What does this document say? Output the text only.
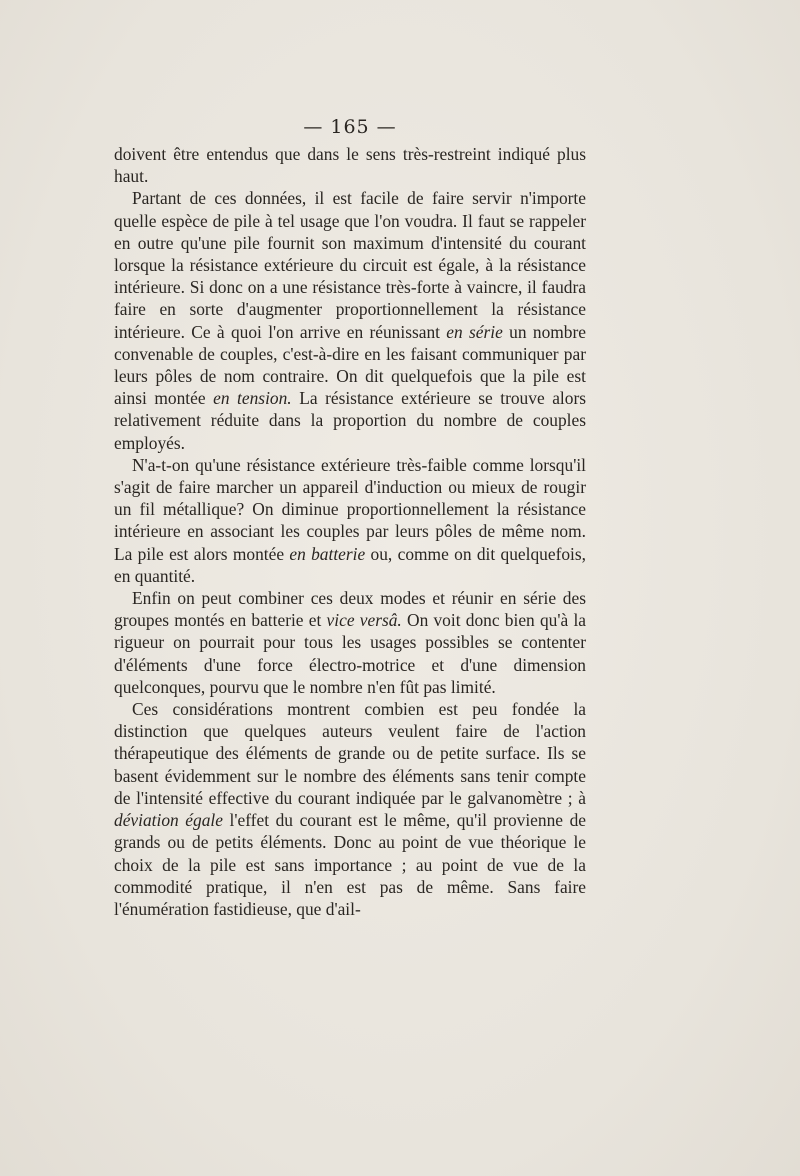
— 165 —

doivent être entendus que dans le sens très-restreint indiqué plus haut.

Partant de ces données, il est facile de faire servir n'importe quelle espèce de pile à tel usage que l'on voudra. Il faut se rappeler en outre qu'une pile fournit son maximum d'intensité du courant lorsque la résistance extérieure du circuit est égale, à la résistance intérieure. Si donc on a une résistance très-forte à vaincre, il faudra faire en sorte d'augmenter proportionnellement la résistance intérieure. Ce à quoi l'on arrive en réunissant en série un nombre convenable de couples, c'est-à-dire en les faisant communiquer par leurs pôles de nom contraire. On dit quelquefois que la pile est ainsi montée en tension. La résistance extérieure se trouve alors relativement réduite dans la proportion du nombre de couples employés.

N'a-t-on qu'une résistance extérieure très-faible comme lorsqu'il s'agit de faire marcher un appareil d'induction ou mieux de rougir un fil métallique? On diminue proportionnellement la résistance intérieure en associant les couples par leurs pôles de même nom. La pile est alors montée en batterie ou, comme on dit quelquefois, en quantité.

Enfin on peut combiner ces deux modes et réunir en série des groupes montés en batterie et vice versâ. On voit donc bien qu'à la rigueur on pourrait pour tous les usages possibles se contenter d'éléments d'une force électro-motrice et d'une dimension quelconques, pourvu que le nombre n'en fût pas limité.

Ces considérations montrent combien est peu fondée la distinction que quelques auteurs veulent faire de l'action thérapeutique des éléments de grande ou de petite surface. Ils se basent évidemment sur le nombre des éléments sans tenir compte de l'intensité effective du courant indiquée par le galvanomètre ; à déviation égale l'effet du courant est le même, qu'il provienne de grands ou de petits éléments. Donc au point de vue théorique le choix de la pile est sans importance ; au point de vue de la commodité pratique, il n'en est pas de même. Sans faire l'énumération fastidieuse, que d'ail-
